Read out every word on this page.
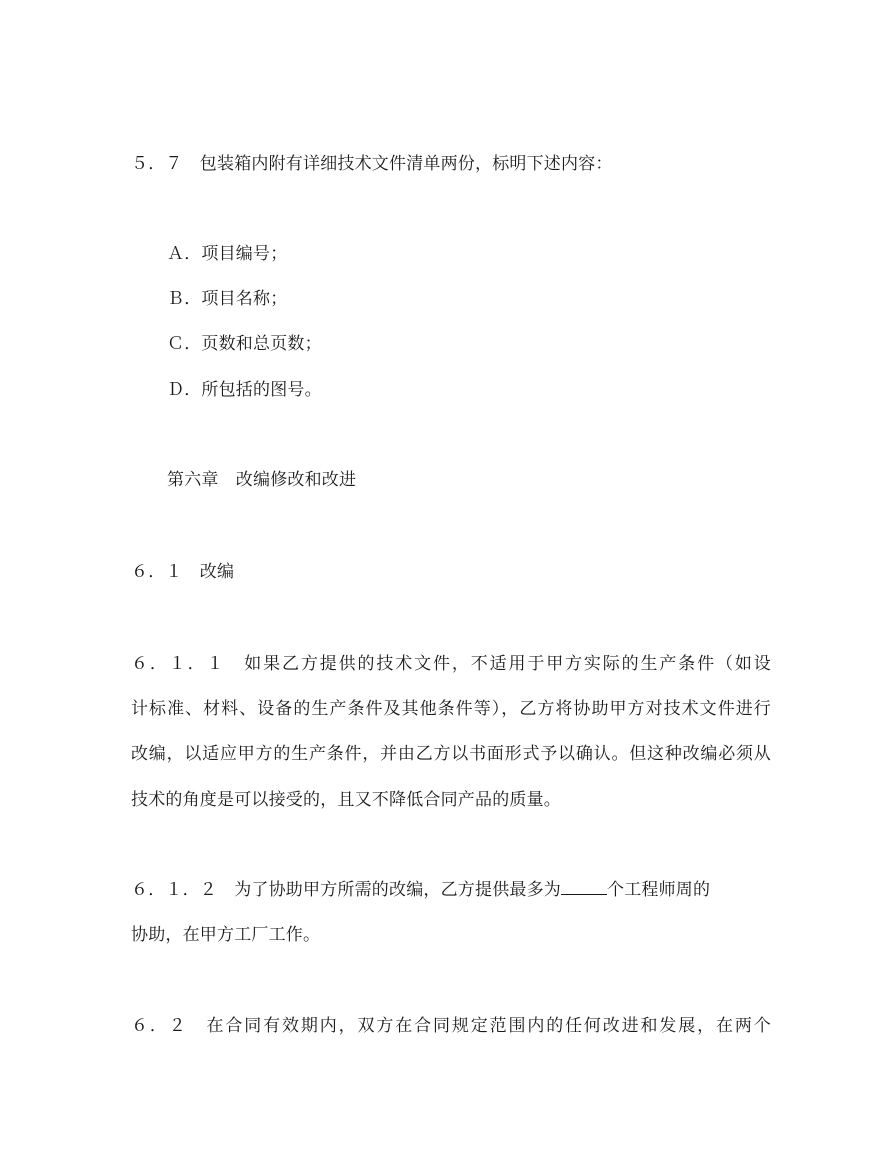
５．７　包装箱内附有详细技术文件清单两份，标明下述内容：
Ａ．项目编号；
Ｂ．项目名称；
Ｃ．页数和总页数；
Ｄ．所包括的图号。
第六章　改编修改和改进
６．１　改编
６．１．１　如果乙方提供的技术文件，不适用于甲方实际的生产条件（如设
计标准、材料、设备的生产条件及其他条件等），乙方将协助甲方对技术文件进行
改编，以适应甲方的生产条件，并由乙方以书面形式予以确认。但这种改编必须从
技术的角度是可以接受的，且又不降低合同产品的质量。
６．１．２　为了协助甲方所需的改编，乙方提供最多为	个工程师周的
协助，在甲方工厂工作。
６．２　在合同有效期内，双方在合同规定范围内的任何改进和发展，在两个
